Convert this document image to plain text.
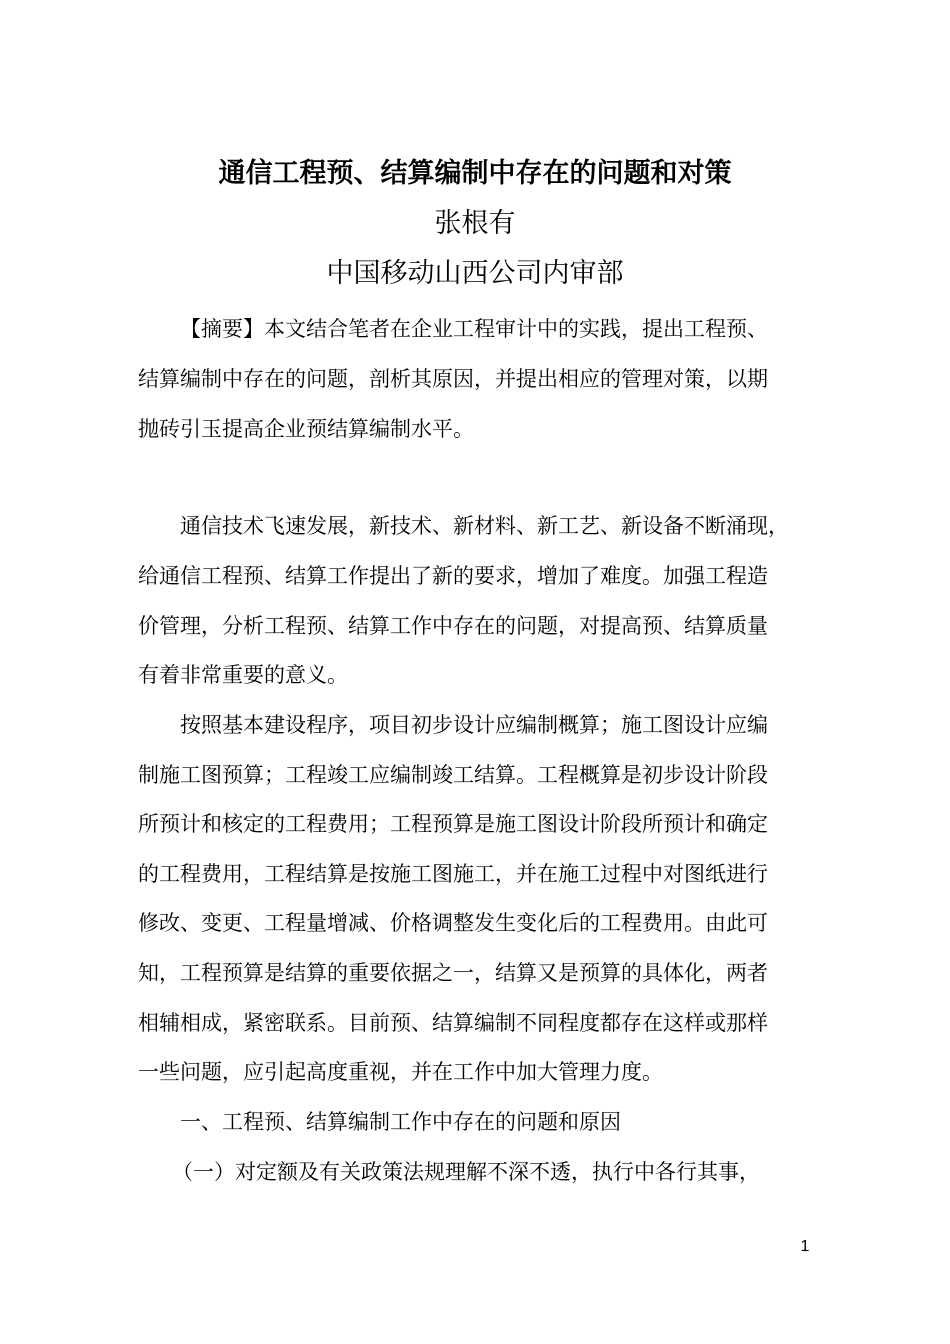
通信工程预、结算编制中存在的问题和对策
张根有
中国移动山西公司内审部
【摘要】本文结合笔者在企业工程审计中的实践，提出工程预、
结算编制中存在的问题，剖析其原因，并提出相应的管理对策，以期
抛砖引玉提高企业预结算编制水平。
通信技术飞速发展，新技术、新材料、新工艺、新设备不断涌现，
给通信工程预、结算工作提出了新的要求，增加了难度。加强工程造
价管理，分析工程预、结算工作中存在的问题，对提高预、结算质量
有着非常重要的意义。
按照基本建设程序，项目初步设计应编制概算；施工图设计应编
制施工图预算；工程竣工应编制竣工结算。工程概算是初步设计阶段
所预计和核定的工程费用；工程预算是施工图设计阶段所预计和确定
的工程费用，工程结算是按施工图施工，并在施工过程中对图纸进行
修改、变更、工程量增减、价格调整发生变化后的工程费用。由此可
知，工程预算是结算的重要依据之一，结算又是预算的具体化，两者
相辅相成，紧密联系。目前预、结算编制不同程度都存在这样或那样
一些问题，应引起高度重视，并在工作中加大管理力度。
一、工程预、结算编制工作中存在的问题和原因
（一）对定额及有关政策法规理解不深不透，执行中各行其事，
1
